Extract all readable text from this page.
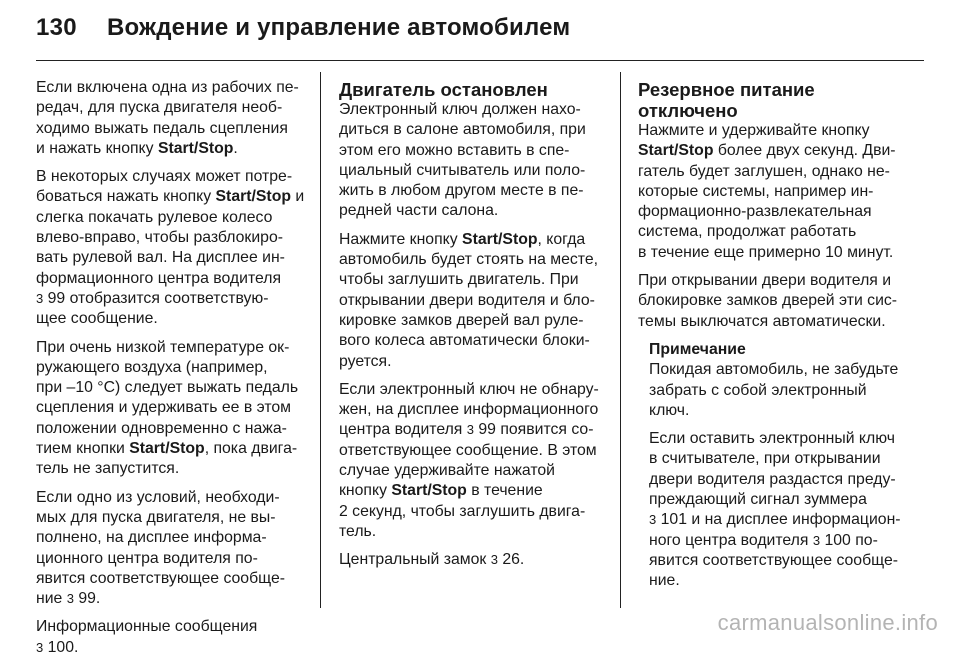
130 Вождение и управление автомобилем

Если включена одна из рабочих пе-
редач, для пуска двигателя необ-
ходимо выжать педаль сцепления
и нажать кнопку Start/Stop.

В некоторых случаях может потре-
боваться нажать кнопку Start/Stop и
слегка покачать рулевое колесо
влево-вправо, чтобы разблокиро-
вать рулевой вал. На дисплее ин-
формационного центра водителя
3 99 отобразится соответствую-
щее сообщение.

При очень низкой температуре ок-
ружающего воздуха (например,
при –10 °C) следует выжать педаль
сцепления и удерживать ее в этом
положении одновременно с нажа-
тием кнопки Start/Stop, пока двига-
тель не запустится.

Если одно из условий, необходи-
мых для пуска двигателя, не вы-
полнено, на дисплее информа-
ционного центра водителя по-
явится соответствующее сообще-
ние 3 99.

Информационные сообщения
3 100.

Двигатель остановлен

Электронный ключ должен нахо-
диться в салоне автомобиля, при
этом его можно вставить в спе-
циальный считыватель или поло-
жить в любом другом месте в пе-
редней части салона.

Нажмите кнопку Start/Stop, когда
автомобиль будет стоять на месте,
чтобы заглушить двигатель. При
открывании двери водителя и бло-
кировке замков дверей вал руле-
вого колеса автоматически блоки-
руется.

Если электронный ключ не обнару-
жен, на дисплее информационного
центра водителя 3 99 появится со-
ответствующее сообщение. В этом
случае удерживайте нажатой
кнопку Start/Stop в течение
2 секунд, чтобы заглушить двига-
тель.

Центральный замок 3 26.

Резервное питание
отключено

Нажмите и удерживайте кнопку
Start/Stop более двух секунд. Дви-
гатель будет заглушен, однако не-
которые системы, например ин-
формационно-развлекательная
система, продолжат работать
в течение еще примерно 10 минут.

При открывании двери водителя и
блокировке замков дверей эти сис-
темы выключатся автоматически.

Примечание

Покидая автомобиль, не забудьте
забрать с собой электронный
ключ.

Если оставить электронный ключ
в считывателе, при открывании
двери водителя раздастся преду-
преждающий сигнал зуммера
3 101 и на дисплее информацион-
ного центра водителя 3 100 по-
явится соответствующее сообще-
ние.

carmanualsonline.info
